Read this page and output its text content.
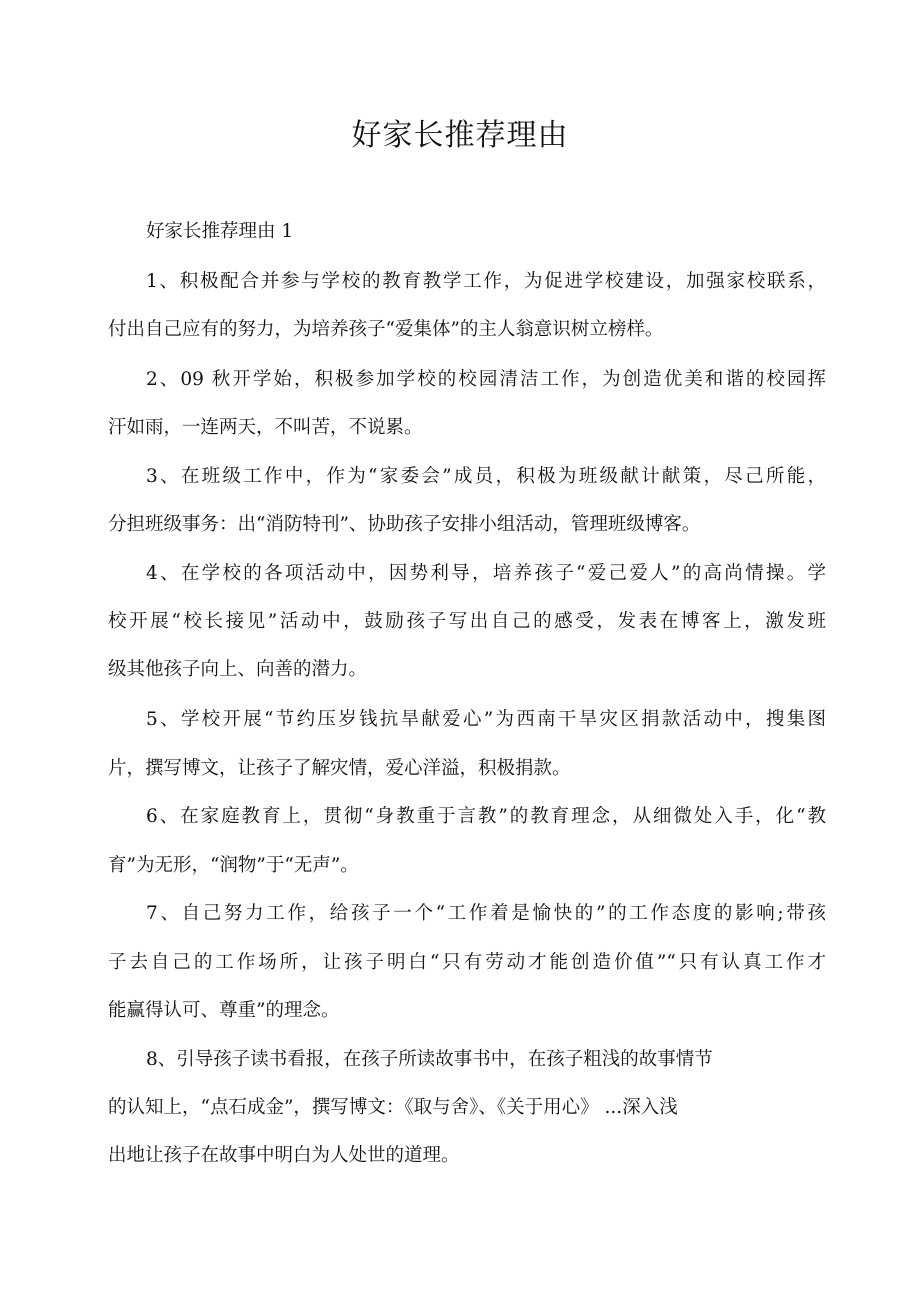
好家长推荐理由

好家长推荐理由 1

1、积极配合并参与学校的教育教学工作，为促进学校建设，加强家校联系，

付出自己应有的努力，为培养孩子“爱集体”的主人翁意识树立榜样。

2、09 秋开学始，积极参加学校的校园清洁工作，为创造优美和谐的校园挥

汗如雨，一连两天，不叫苦，不说累。

3、在班级工作中，作为“家委会”成员，积极为班级献计献策，尽己所能，

分担班级事务：出“消防特刊”、协助孩子安排小组活动，管理班级博客。

4、在学校的各项活动中，因势利导，培养孩子“爱己爱人”的高尚情操。学

校开展“校长接见”活动中，鼓励孩子写出自己的感受，发表在博客上，激发班

级其他孩子向上、向善的潜力。

5、学校开展“节约压岁钱抗旱献爱心”为西南干旱灾区捐款活动中，搜集图

片，撰写博文，让孩子了解灾情，爱心洋溢，积极捐款。

6、在家庭教育上，贯彻“身教重于言教”的教育理念，从细微处入手，化“教

育”为无形，“润物”于“无声”。

7、自己努力工作，给孩子一个“工作着是愉快的”的工作态度的影响;带孩

子去自己的工作场所，让孩子明白“只有劳动才能创造价值”“只有认真工作才

能赢得认可、尊重”的理念。

8、引导孩子读书看报，在孩子所读故事书中，在孩子粗浅的故事情节

的认知上，“点石成金”，撰写博文：《取与舍》、《关于用心》 ...深入浅

出地让孩子在故事中明白为人处世的道理。
